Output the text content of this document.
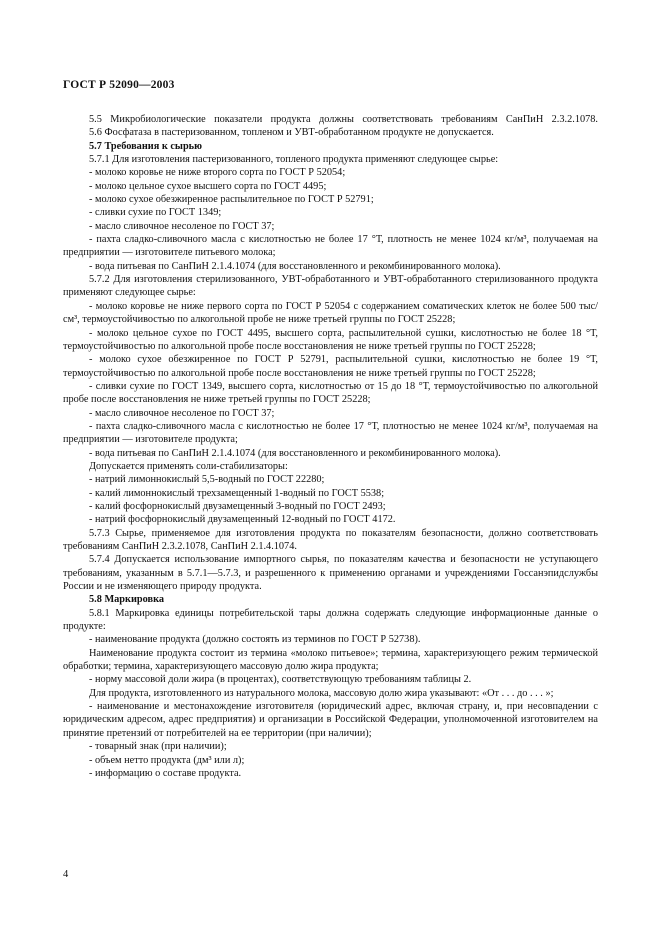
ГОСТ Р 52090—2003

5.5 Микробиологические показатели продукта должны соответствовать требованиям СанПиН 2.3.2.1078.

5.6 Фосфатаза в пастеризованном, топленом и УВТ-обработанном продукте не допускается.

5.7 Требования к сырью

5.7.1 Для изготовления пастеризованного, топленого продукта применяют следующее сырье:

- молоко коровье не ниже второго сорта по ГОСТ Р 52054;

- молоко цельное сухое высшего сорта по ГОСТ 4495;

- молоко сухое обезжиренное распылительное по ГОСТ Р 52791;

- сливки сухие по ГОСТ 1349;

- масло сливочное несоленое по ГОСТ 37;

- пахта сладко-сливочного масла с кислотностью не более 17 °Т, плотность не менее 1024 кг/м³, получаемая на предприятии — изготовителе питьевого молока;

- вода питьевая по СанПиН 2.1.4.1074 (для восстановленного и рекомбинированного молока).

5.7.2 Для изготовления стерилизованного, УВТ-обработанного и УВТ-обработанного стерилизованного продукта применяют следующее сырье:

- молоко коровье не ниже первого сорта по ГОСТ Р 52054 с содержанием соматических клеток не более 500 тыс/см³, термоустойчивостью по алкогольной пробе не ниже третьей группы по ГОСТ 25228;

- молоко цельное сухое по ГОСТ 4495, высшего сорта, распылительной сушки, кислотностью не более 18 °Т, термоустойчивостью по алкогольной пробе после восстановления не ниже третьей группы по ГОСТ 25228;

- молоко сухое обезжиренное по ГОСТ Р 52791, распылительной сушки, кислотностью не более 19 °Т, термоустойчивостью по алкогольной пробе после восстановления не ниже третьей группы по ГОСТ 25228;

- сливки сухие по ГОСТ 1349, высшего сорта, кислотностью от 15 до 18 °Т, термоустойчивостью по алкогольной пробе после восстановления не ниже третьей группы по ГОСТ 25228;

- масло сливочное несоленое по ГОСТ 37;

- пахта сладко-сливочного масла с кислотностью не более 17 °Т, плотностью не менее 1024 кг/м³, получаемая на предприятии — изготовителе продукта;

- вода питьевая по СанПиН 2.1.4.1074 (для восстановленного и рекомбинированного молока).

Допускается применять соли-стабилизаторы:

- натрий лимоннокислый 5,5-водный по ГОСТ 22280;

- калий лимоннокислый трехзамещенный 1-водный по ГОСТ 5538;

- калий фосфорнокислый двузамещенный 3-водный по ГОСТ 2493;

- натрий фосфорнокислый двузамещенный 12-водный по ГОСТ 4172.

5.7.3 Сырье, применяемое для изготовления продукта по показателям безопасности, должно соответствовать требованиям СанПиН 2.3.2.1078, СанПиН 2.1.4.1074.

5.7.4 Допускается использование импортного сырья, по показателям качества и безопасности не уступающего требованиям, указанным в 5.7.1—5.7.3, и разрешенного к применению органами и учреждениями Госсанэпидслужбы России и не изменяющего природу продукта.

5.8 Маркировка

5.8.1 Маркировка единицы потребительской тары должна содержать следующие информационные данные о продукте:

- наименование продукта (должно состоять из терминов по ГОСТ Р 52738).

Наименование продукта состоит из термина «молоко питьевое»; термина, характеризующего режим термической обработки; термина, характеризующего массовую долю жира продукта;

- норму массовой доли жира (в процентах), соответствующую требованиям таблицы 2.

Для продукта, изготовленного из натурального молока, массовую долю жира указывают: «От . . . до . . . »;

- наименование и местонахождение изготовителя (юридический адрес, включая страну, и, при несовпадении с юридическим адресом, адрес предприятия) и организации в Российской Федерации, уполномоченной изготовителем на принятие претензий от потребителей на ее территории (при наличии);

- товарный знак (при наличии);

- объем нетто продукта (дм³ или л);

- информацию о составе продукта.

4
